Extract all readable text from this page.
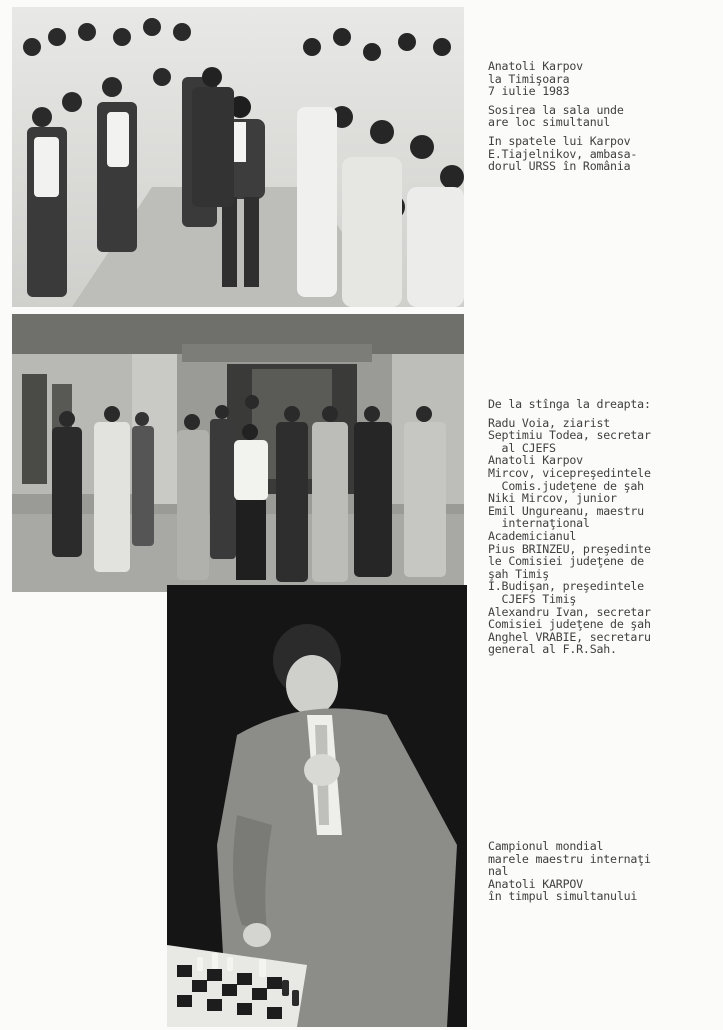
Anatoli Karpov
la Timişoara
7 iulie 1983
Sosirea la sala unde
are loc simultanul
In spatele lui Karpov
E.Tiajelnikov, ambasa-
dorul URSS în România
De la stînga la dreapta:
Radu Voia, ziarist
Septimiu Todea, secretar
al CJEFS
Anatoli Karpov
Mircov, vicepreşedintele
Comis.judeţene de şah
Niki Mircov, junior
Emil Ungureanu, maestru
internaţional
Academicianul
Pius BRINZEU, preşedinte
le Comisiei judeţene de
şah Timiş
I.Budişan, preşedintele
CJEFS Timiş
Alexandru Ivan, secretar
Comisiei judeţene de şah
Anghel VRABIE, secretaru
general al F.R.Sah.
Campionul mondial
marele maestru internaţi
nal
Anatoli KARPOV
în timpul simultanului
